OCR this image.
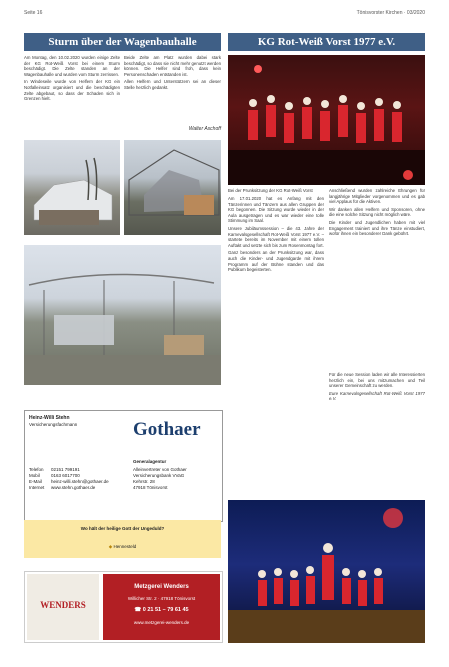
Seite 16	Tönisvorster Kirchen · 03/2020
Sturm über der Wagenbauhalle

Am Montag, den 10.02.2020 wurden einige Zelte der KG Rot-Weiß Vorst bei einem Sturm beschädigt. Die Zelte standen an der Wagenbauhalle und wurden vom Sturm zerrissen.

In Windeseile wurde von Helfern der KG ein Notfalleinsatz organisiert und die beschädigten Zelte abgebaut, so dass der Schaden sich in Grenzen hielt.

Beide Zelte am Platz wurden dabei stark beschädigt, so dass sie nicht mehr genutzt werden können. Die Helfer sind froh, dass kein Personenschaden entstanden ist.

Allen Helfern und Unterstützern sei an dieser Stelle herzlich gedankt.

Walter Aschoff
Heinz-Willi Stehn
Versicherungsfachmann
Telefon 02151 799191
Mobil 0163 6017700
E-Mail heinz-willi.stehn@gothaer.de
Internet www.stehn.gothaer.de
Gothaer
Generalagentur
Alleinvertreter von Gothaer
Versicherungsbank VVaG
Kehrstr. 28
47918 Tönisvorst
Wo hält der heilige Gott der Ungeduld?
◆ Hennesteld
WENDERS
Metzgerei Wenders
Willicher Str. 2 · 47918 Tönisvorst
☎ 0 21 51 – 79 61 45
www.metzgerei-wenders.de
KG Rot-Weiß Vorst 1977 e.V.
Bei der Prunksitzung der KG Rot-Weiß Vorst

Am 17.01.2020 hat es Anfang mit den Tänzerinnen und Tänzern aus allen Gruppen der KG begonnen. Die Sitzung wurde wieder in der Aula ausgetragen und es war wieder eine tolle Stimmung im Saal.

Unsere Jubiläumssession – die 43. Jahre der Karnevalsgesellschaft Rot-Weiß Vorst 1977 e.V. – startete bereits im November mit einem tollen Auftakt und setzte sich bis zum Rosenmontag fort.

Ganz besonders an der Prunksitzung war, dass auch die Kinder- und Jugendgarde mit ihrem Programm auf der Bühne standen und das Publikum begeisterten.

Anschließend wurden zahlreiche Ehrungen für langjährige Mitglieder vorgenommen und es gab viel Applaus für die Aktiven.

Wir danken allen Helfern und Sponsoren, ohne die eine solche Sitzung nicht möglich wäre.

Die Kinder und Jugendlichen haben mit viel Engagement trainiert und ihre Tänze einstudiert, wofür ihnen ein besonderer Dank gebührt.

Für die neue Session laden wir alle Interessierten herzlich ein, bei uns mitzumachen und Teil unserer Gemeinschaft zu werden.

Eure Karnevalsgesellschaft Rot-Weiß Vorst 1977 e.V.
